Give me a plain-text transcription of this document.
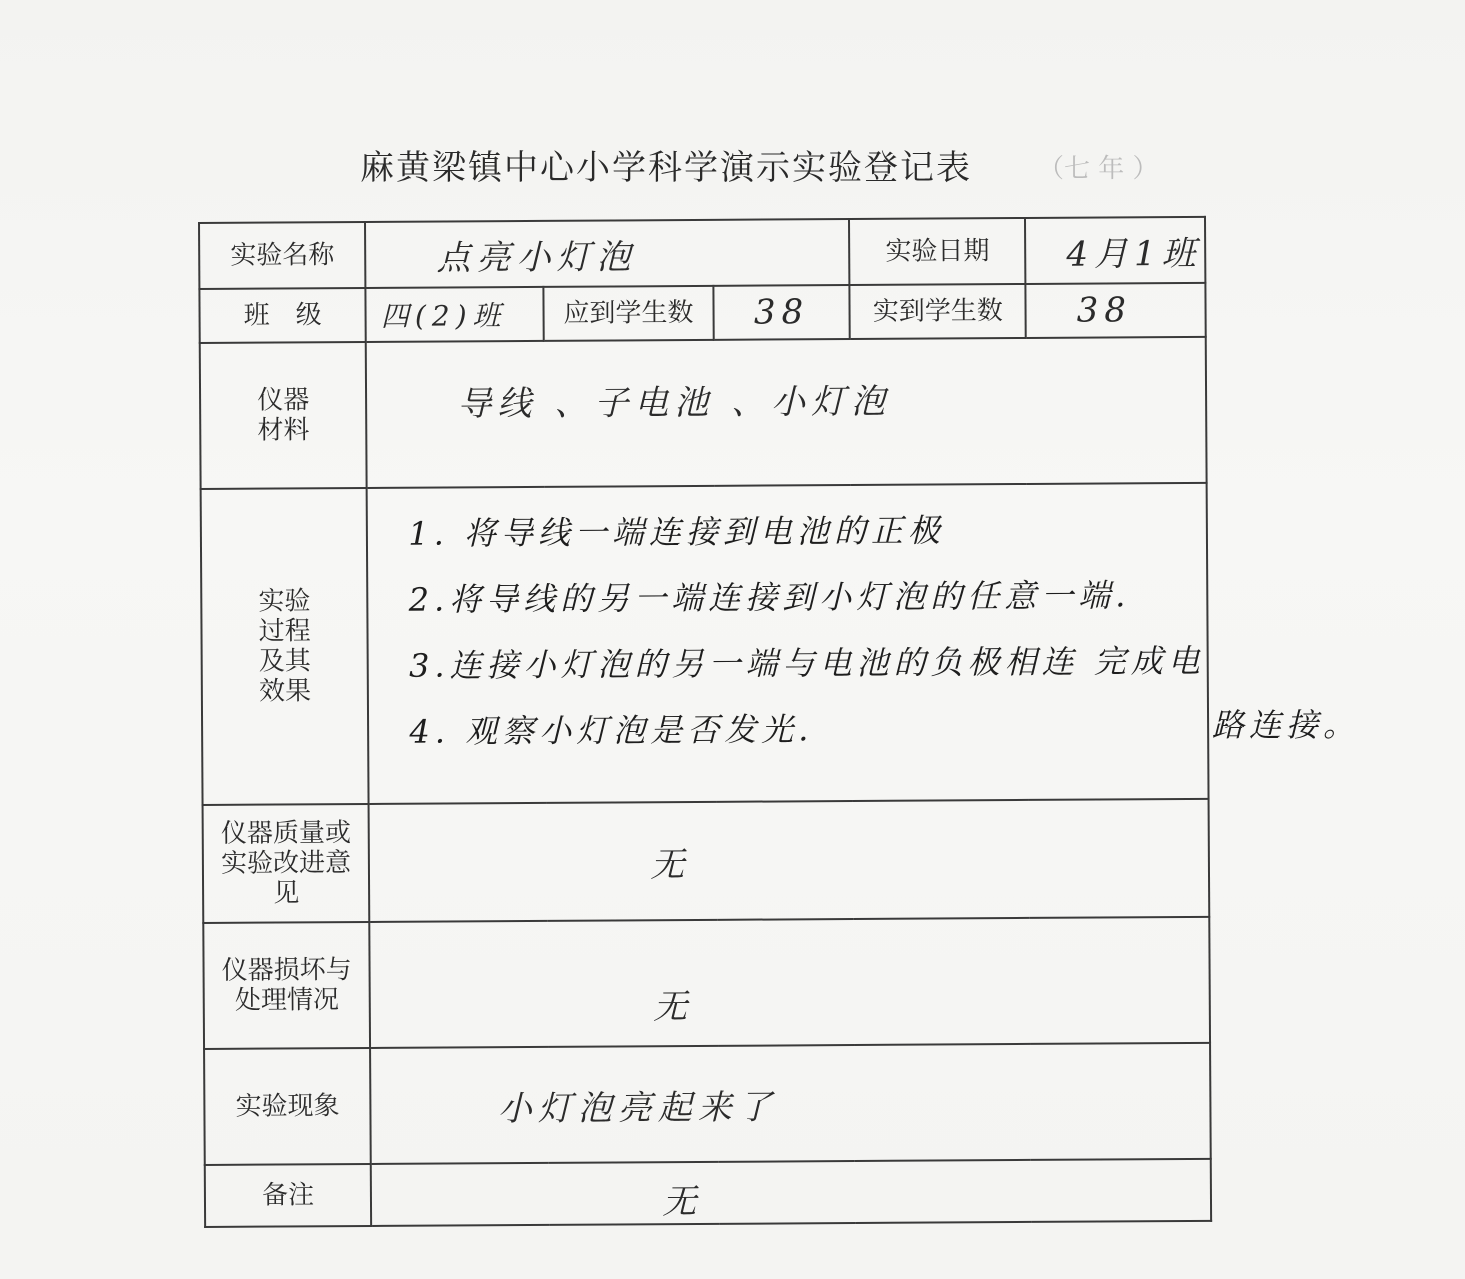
麻黄梁镇中心小学科学演示实验登记表	（七 年 ）
实验名称	点亮小灯泡			实验日期	4月1班
班　级	四(2)班	应到学生数	38	实到学生数	38
仪器材料	导线 、子电池 、小灯泡				
实验过程及其效果	1. 将导线一端连接到电池的正极
2.将导线的另一端连接到小灯泡的任意一端.
3.连接小灯泡的另一端与电池的负极相连 完成电
4. 观察小灯泡是否发光.				

仪器质量或实验改进意见	无				
仪器损坏与处理情况	无				
实验现象	小灯泡亮起来了				
备注	无				
路连接。
